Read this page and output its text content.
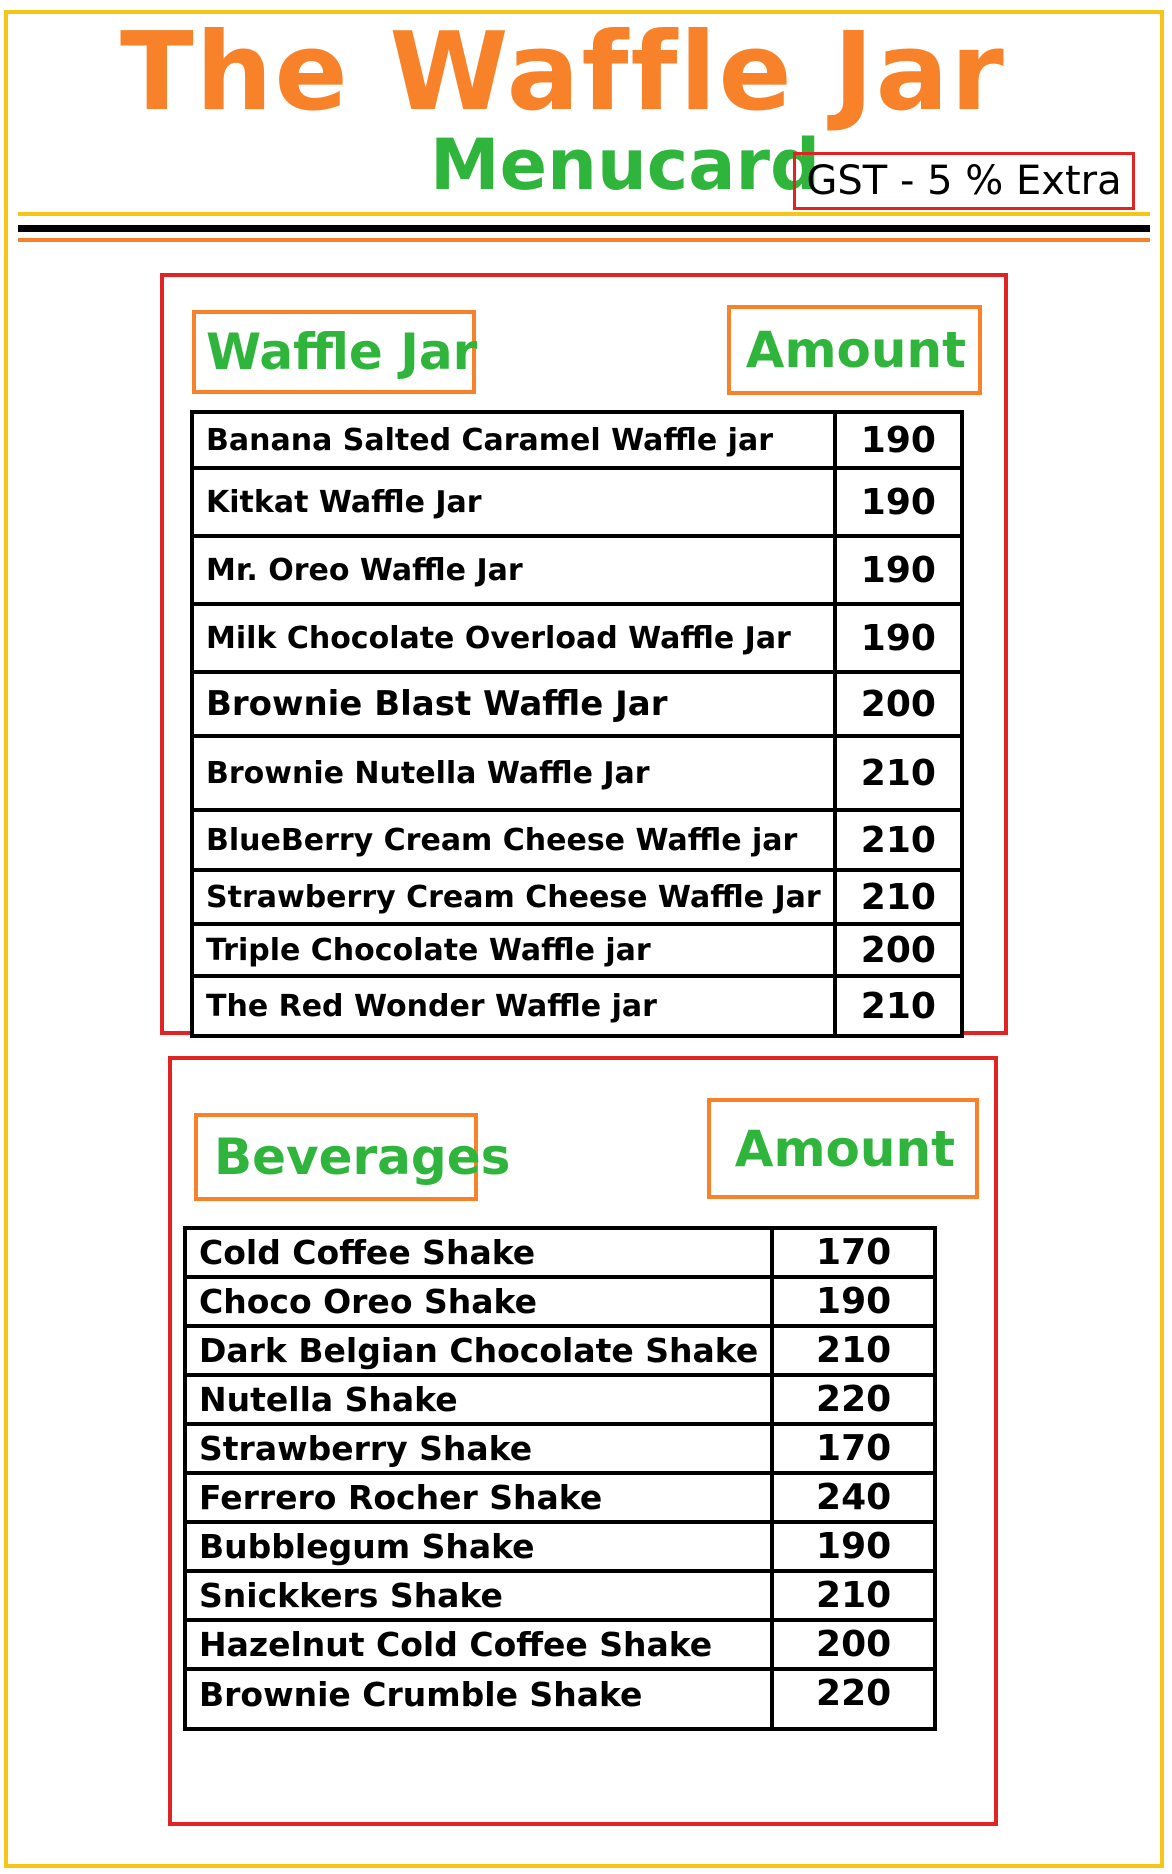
The Waffle Jar
Menucard
GST - 5 % Extra
Waffle Jar	Amount
Banana Salted Caramel Waffle jar	190
Kitkat Waffle Jar	190
Mr. Oreo Waffle Jar	190
Milk Chocolate Overload Waffle Jar	190
Brownie Blast Waffle Jar	200
Brownie Nutella Waffle Jar	210
BlueBerry Cream Cheese Waffle jar	210
Strawberry Cream Cheese Waffle Jar	210
Triple Chocolate Waffle jar	200
The Red Wonder Waffle jar	210
Beverages	Amount
Cold Coffee Shake	170
Choco Oreo Shake	190
Dark Belgian Chocolate Shake	210
Nutella Shake	220
Strawberry Shake	170
Ferrero Rocher Shake	240
Bubblegum Shake	190
Snickkers Shake	210
Hazelnut Cold Coffee Shake	200
Brownie Crumble Shake	220
